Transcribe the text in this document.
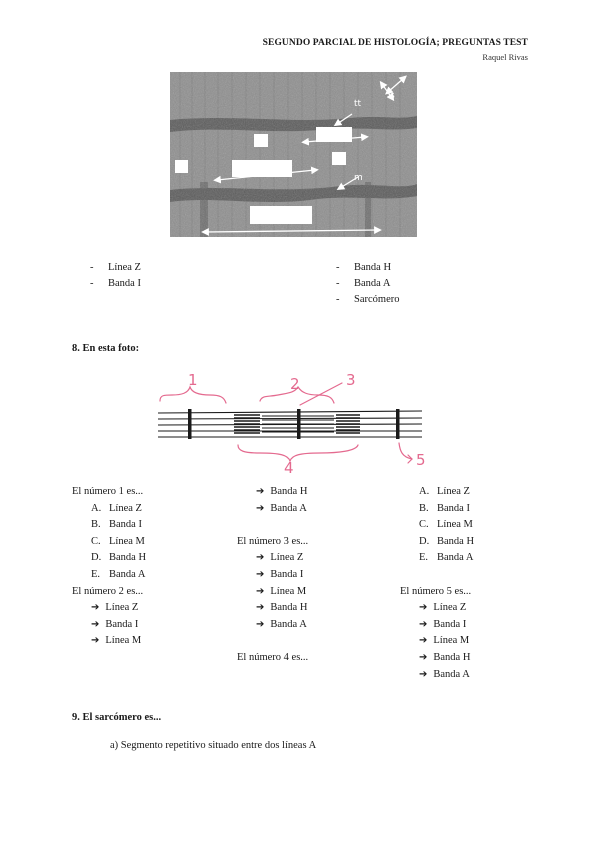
SEGUNDO PARCIAL DE HISTOLOGÍA; PREGUNTAS TEST
Raquel Rivas
s
tt
m
-	Línea Z
-	Banda I
-	Banda H
-	Banda A
-	Sarcómero
8. En esta foto:
1	2	3
4	5
El número 1 es...
A. Línea Z
B. Banda I
C. Línea M
D. Banda H
E. Banda A
El número 2 es...
➔ Línea Z
➔ Banda I
➔ Línea M
➔ Banda H
➔ Banda A
El número 3 es...
➔ Línea Z
➔ Banda I
➔ Línea M
➔ Banda H
➔ Banda A
El número 4 es...
A. Línea Z
B. Banda I
C. Línea M
D. Banda H
E. Banda A
El número 5 es...
➔ Línea Z
➔ Banda I
➔ Línea M
➔ Banda H
➔ Banda A
9. El sarcómero es...
a) Segmento repetitivo situado entre dos líneas A
